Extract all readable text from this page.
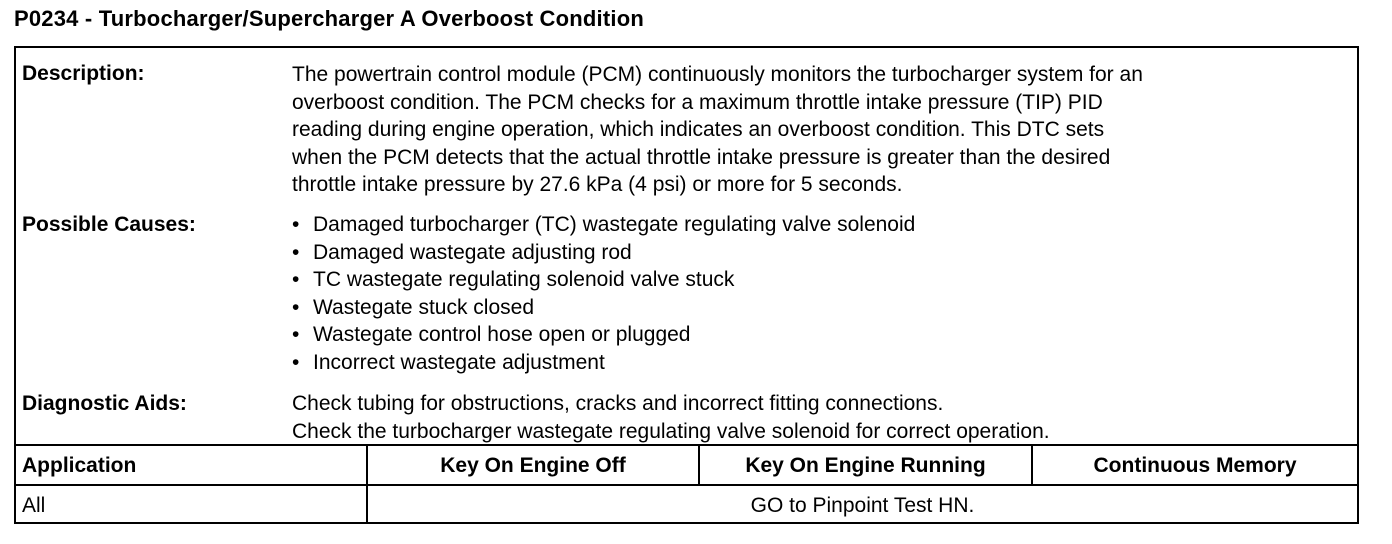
P0234 - Turbocharger/Supercharger A Overboost Condition
Description:	The powertrain control module (PCM) continuously monitors the turbocharger system for an

overboost condition. The PCM checks for a maximum throttle intake pressure (TIP) PID

reading during engine operation, which indicates an overboost condition. This DTC sets

when the PCM detects that the actual throttle intake pressure is greater than the desired

throttle intake pressure by 27.6 kPa (4 psi) or more for 5 seconds.

Possible Causes:	• Damaged turbocharger (TC) wastegate regulating valve solenoid
• Damaged wastegate adjusting rod
• TC wastegate regulating solenoid valve stuck
• Wastegate stuck closed
• Wastegate control hose open or plugged
• Incorrect wastegate adjustment
Diagnostic Aids:	Check tubing for obstructions, cracks and incorrect fitting connections.

Check the turbocharger wastegate regulating valve solenoid for correct operation.

Application	Key On Engine Off	Key On Engine Running	Continuous Memory
All	GO to Pinpoint Test HN.
